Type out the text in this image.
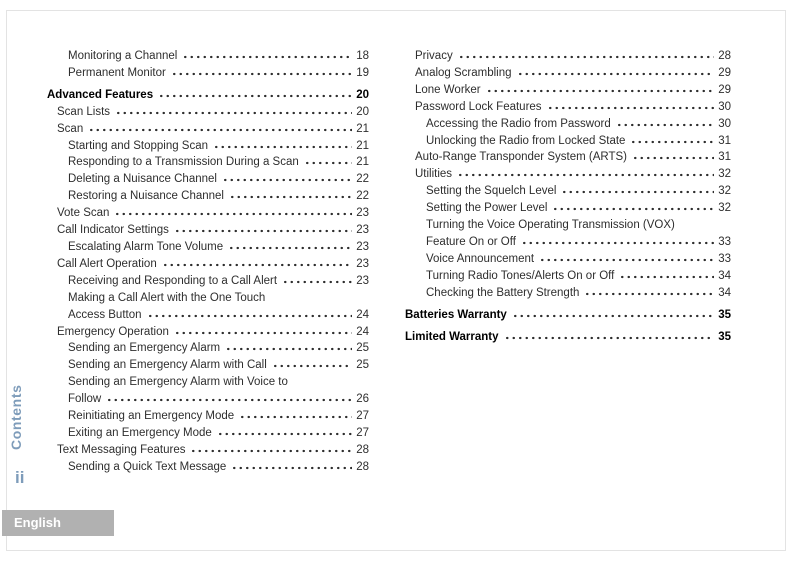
Monitoring a Channel	18
Permanent Monitor	19
Advanced Features	20
Scan Lists	20
Scan	21
Starting and Stopping Scan	21
Responding to a Transmission During a Scan	21
Deleting a Nuisance Channel	22
Restoring a Nuisance Channel	22
Vote Scan	23
Call Indicator Settings	23
Escalating Alarm Tone Volume	23
Call Alert Operation	23
Receiving and Responding to a Call Alert	23
Making a Call Alert with the One Touch
Access Button	24
Emergency Operation	24
Sending an Emergency Alarm	25
Sending an Emergency Alarm with Call	25
Sending an Emergency Alarm with Voice to
Follow	26
Reinitiating an Emergency Mode	27
Exiting an Emergency Mode	27
Text Messaging Features	28
Sending a Quick Text Message	28
Privacy	28
Analog Scrambling	29
Lone Worker	29
Password Lock Features	30
Accessing the Radio from Password	30
Unlocking the Radio from Locked State	31
Auto-Range Transponder System (ARTS)	31
Utilities	32
Setting the Squelch Level	32
Setting the Power Level	32
Turning the Voice Operating Transmission (VOX)
Feature On or Off	33
Voice Announcement	33
Turning Radio Tones/Alerts On or Off	34
Checking the Battery Strength	34
Batteries Warranty	35
Limited Warranty	35
Contents
ii
English
